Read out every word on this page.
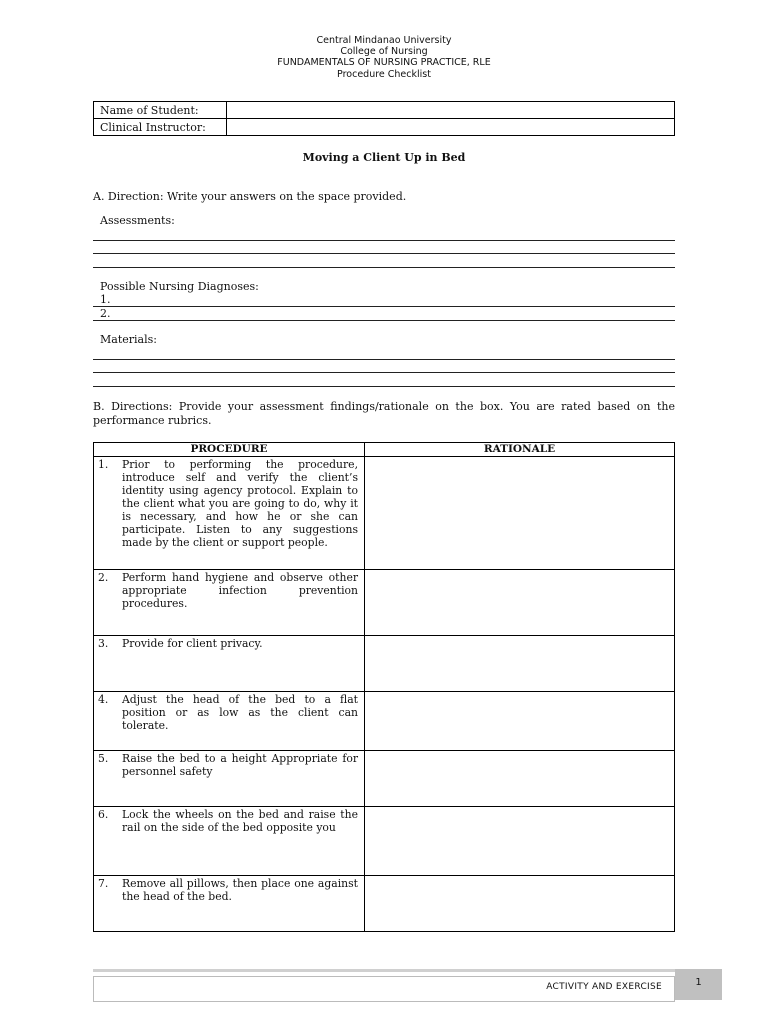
Central Mindanao University
College of Nursing
FUNDAMENTALS OF NURSING PRACTICE, RLE
Procedure Checklist
Name of Student:	
Clinical Instructor:	
Moving a Client Up in Bed
A. Direction: Write your answers on the space provided.
Assessments:
Possible Nursing Diagnoses:
1.
2.
Materials:
B. Directions: Provide your assessment findings/rationale on the box. You are rated based on the performance rubrics.
PROCEDURE	RATIONALE

1. Prior to performing the procedure, introduce self and verify the client’s identity using agency protocol. Explain to the client what you are going to do, why it is necessary, and how he or she can participate. Listen to any suggestions made by the client or support people.	

2. Perform hand hygiene and observe other appropriate infection prevention procedures.	

3. Provide for client privacy.	

4. Adjust the head of the bed to a flat position or as low as the client can tolerate.	

5. Raise the bed to a height Appropriate for personnel safety	

6. Lock the wheels on the bed and raise the rail on the side of the bed opposite you	

7. Remove all pillows, then place one against the head of the bed.	

ACTIVITY AND EXERCISE	1
